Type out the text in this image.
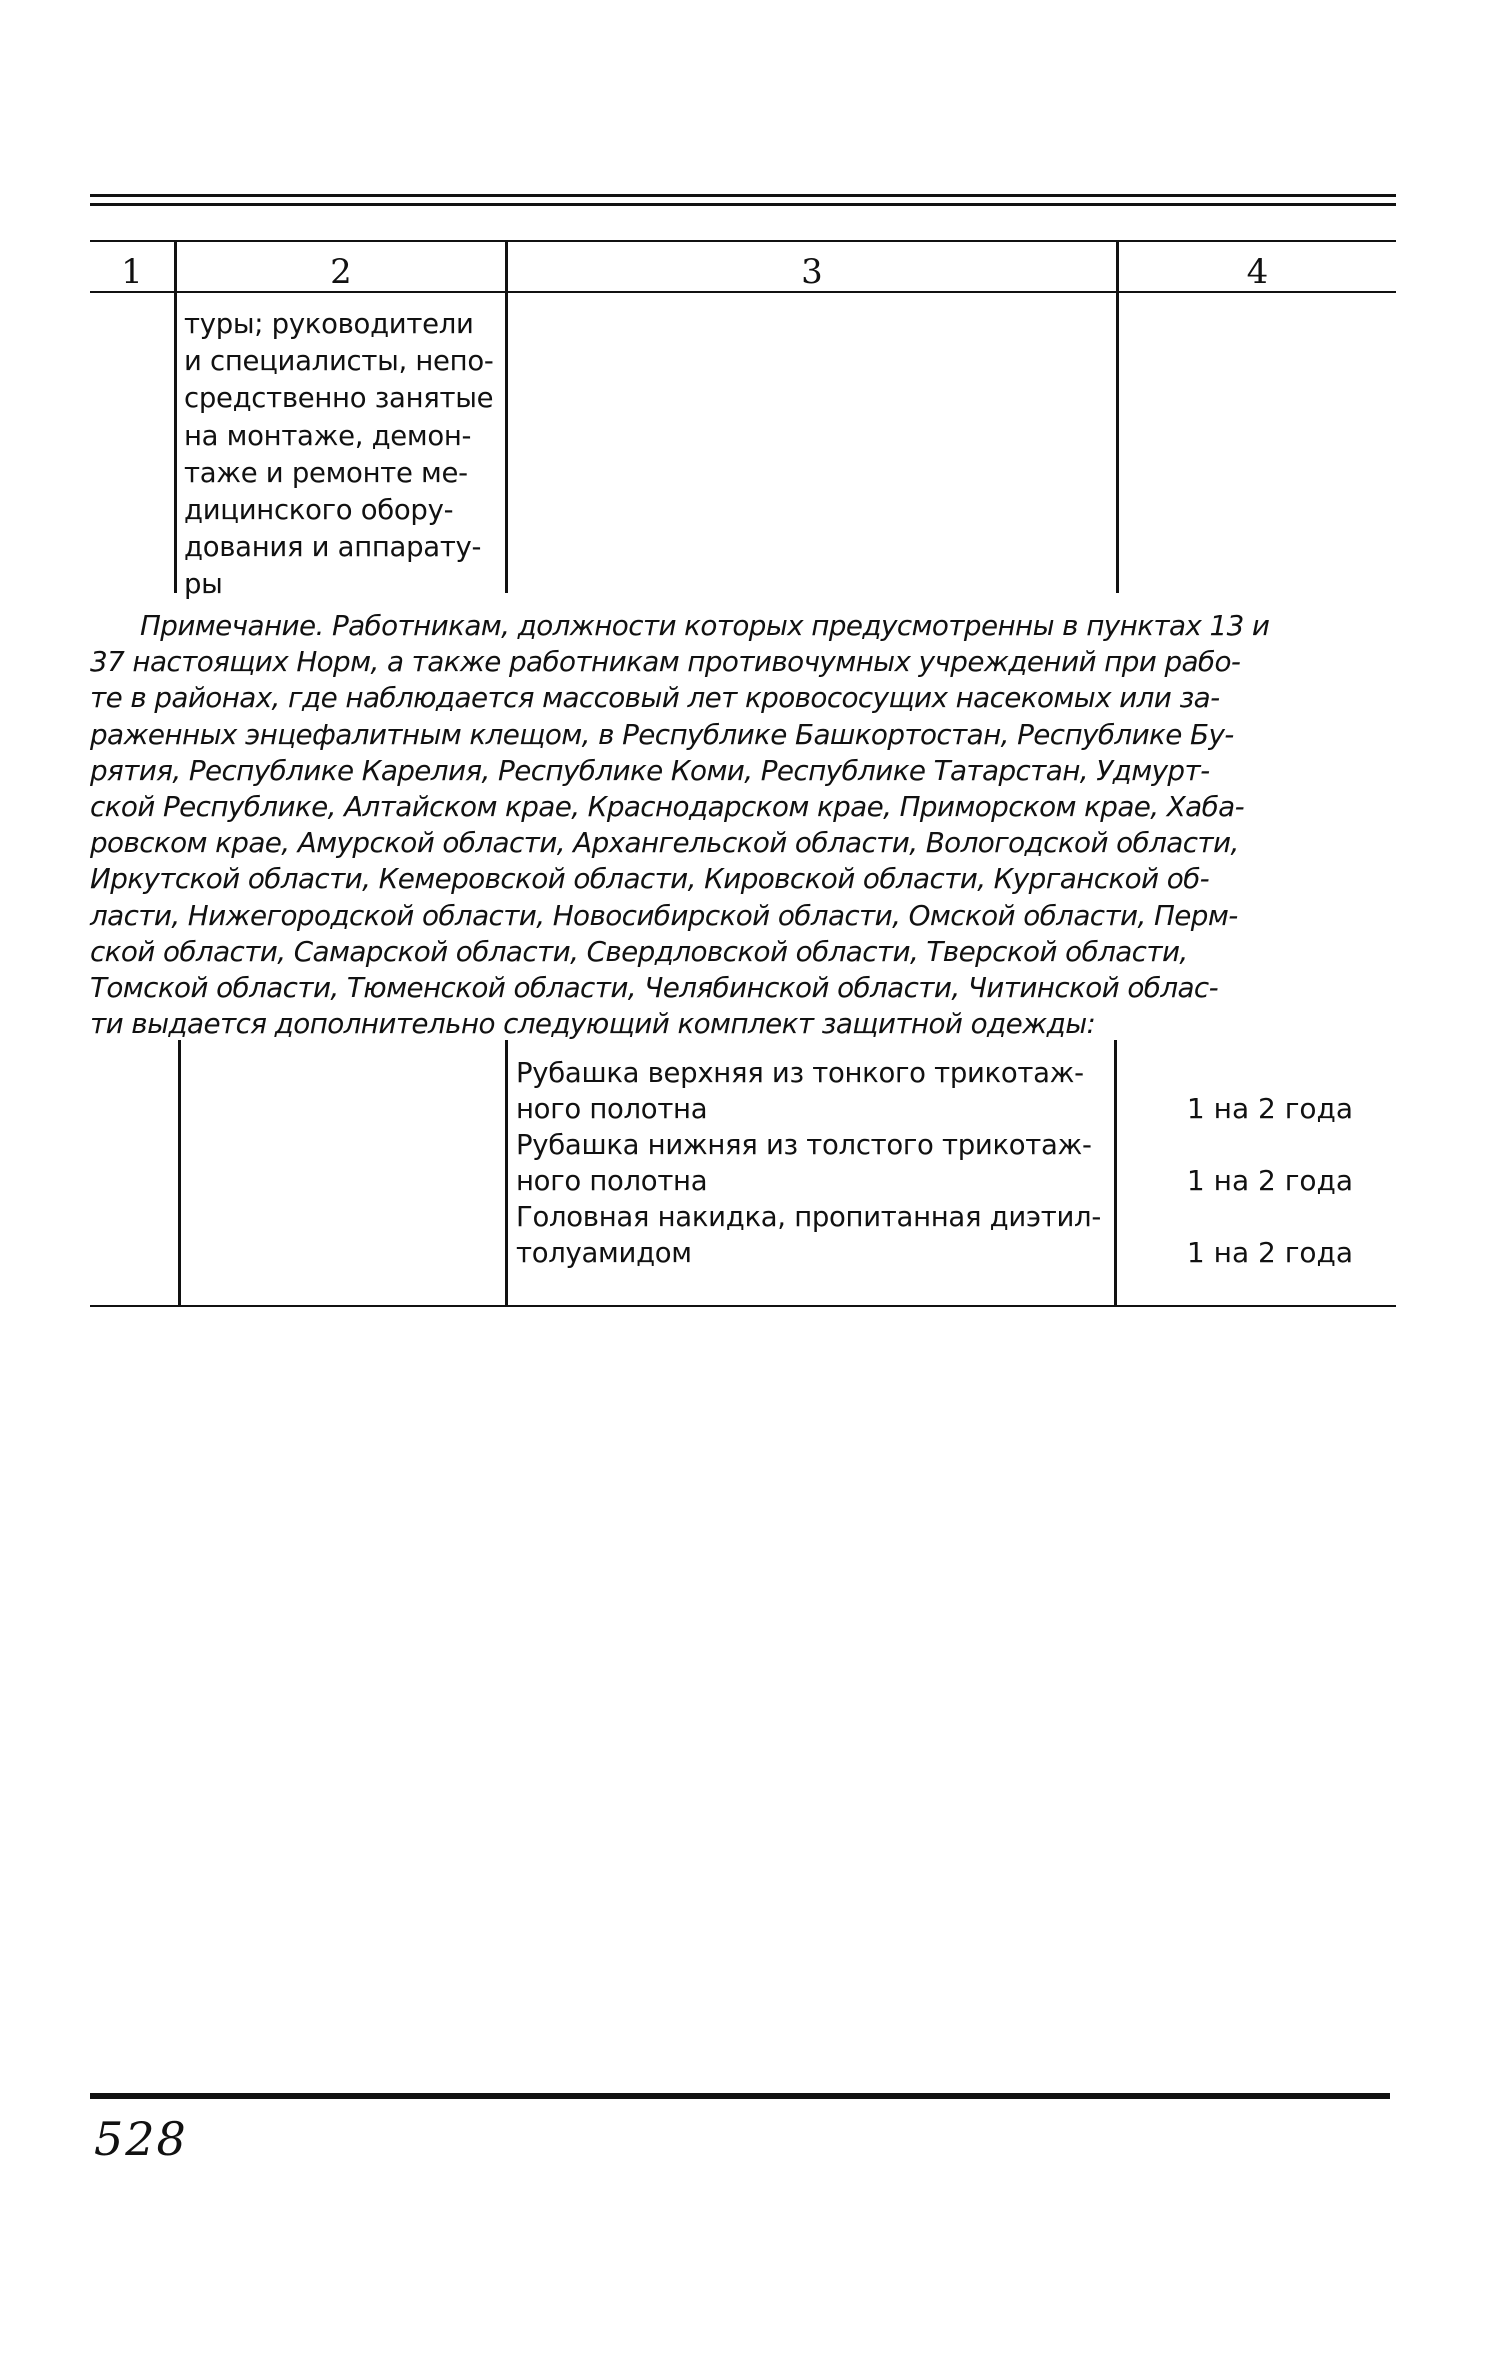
1	2	3	4
туры; руководители
и специалисты, непо-
средственно занятые
на монтаже, демон-
таже и ремонте ме-
дицинского обору-
дования и аппарату-
ры
Примечание. Работникам, должности которых предусмотренны в пунктах 13 и
37 настоящих Норм, а также работникам противочумных учреждений при рабо-
те в районах, где наблюдается массовый лет кровососущих насекомых или за-
раженных энцефалитным клещом, в Республике Башкортостан, Республике Бу-
рятия, Республике Карелия, Республике Коми, Республике Татарстан, Удмурт-
ской Республике, Алтайском крае, Краснодарском крае, Приморском крае, Хаба-
ровском крае, Амурской области, Архангельской области, Вологодской области,
Иркутской области, Кемеровской области, Кировской области, Курганской об-
ласти, Нижегородской области, Новосибирской области, Омской области, Перм-
ской области, Самарской области, Свердловской области, Тверской области,
Томской области, Тюменской области, Челябинской области, Читинской облас-
ти выдается дополнительно следующий комплект защитной одежды:
Рубашка верхняя из тонкого трикотаж-
ного полотна	1 на 2 года
Рубашка нижняя из толстого трикотаж-
ного полотна	1 на 2 года
Головная накидка, пропитанная диэтил-
толуамидом	1 на 2 года
528
